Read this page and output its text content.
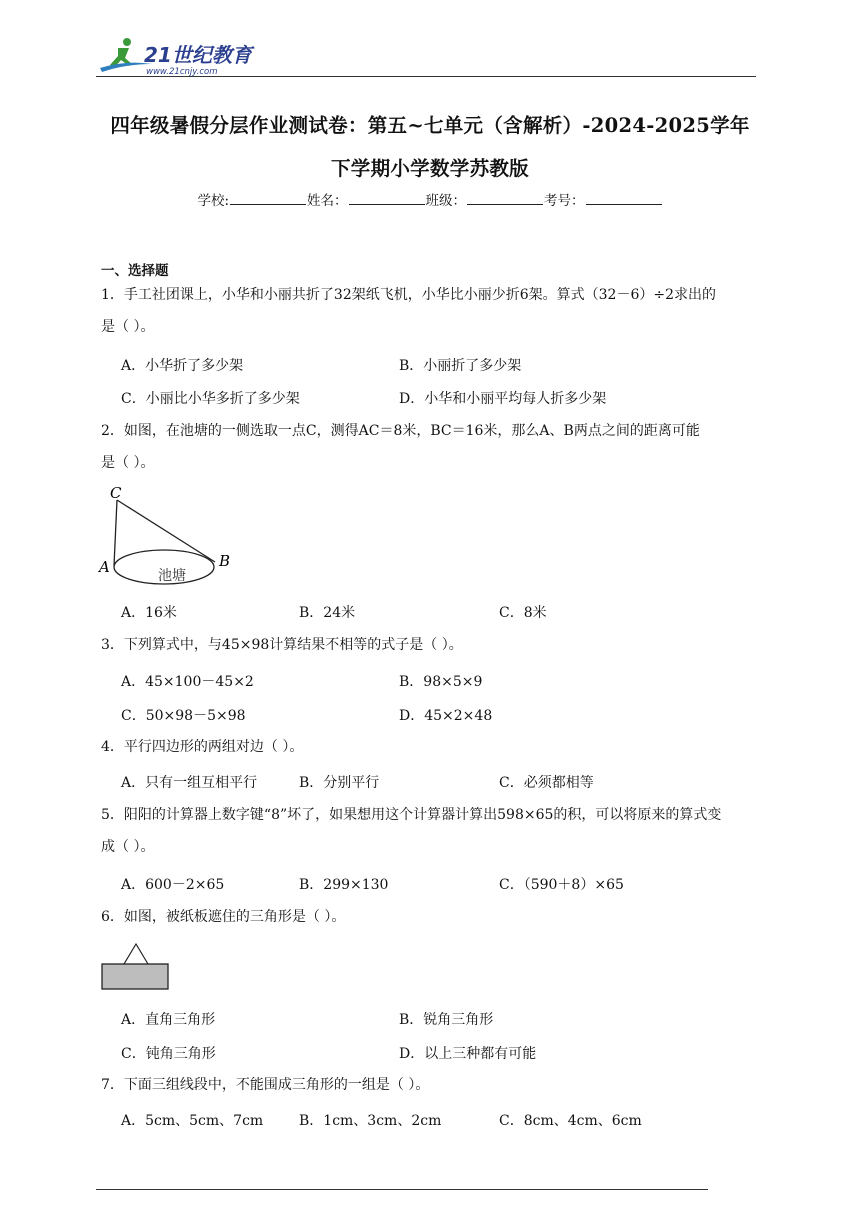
21世纪教育
www.21cnjy.com
四年级暑假分层作业测试卷：第五~七单元（含解析）-2024-2025学年
下学期小学数学苏教版
学校:	姓名：	班级：	考号：
一、选择题
1．手工社团课上，小华和小丽共折了32架纸飞机，小华比小丽少折6架。算式（32－6）÷2求出的
是（ ）。
A．小华折了多少架	B．小丽折了多少架
C．小丽比小华多折了多少架	D．小华和小丽平均每人折多少架
2．如图，在池塘的一侧选取一点C，测得AC＝8米，BC＝16米，那么A、B两点之间的距离可能
是（ ）。
C
A	B
池塘
A．16米	B．24米	C．8米
3．下列算式中，与45×98计算结果不相等的式子是（ ）。
A．45×100－45×2	B．98×5×9
C．50×98－5×98	D．45×2×48
4．平行四边形的两组对边（ ）。
A．只有一组互相平行	B．分别平行	C．必须都相等
5．阳阳的计算器上数字键“8”坏了，如果想用这个计算器计算出598×65的积，可以将原来的算式变
成（ ）。
A．600－2×65	B．299×130	C．（590＋8）×65
6．如图，被纸板遮住的三角形是（ ）。
A．直角三角形	B．锐角三角形
C．钝角三角形	D．以上三种都有可能
7．下面三组线段中，不能围成三角形的一组是（ ）。
A．5cm、5cm、7cm	B．1cm、3cm、2cm	C．8cm、4cm、6cm
